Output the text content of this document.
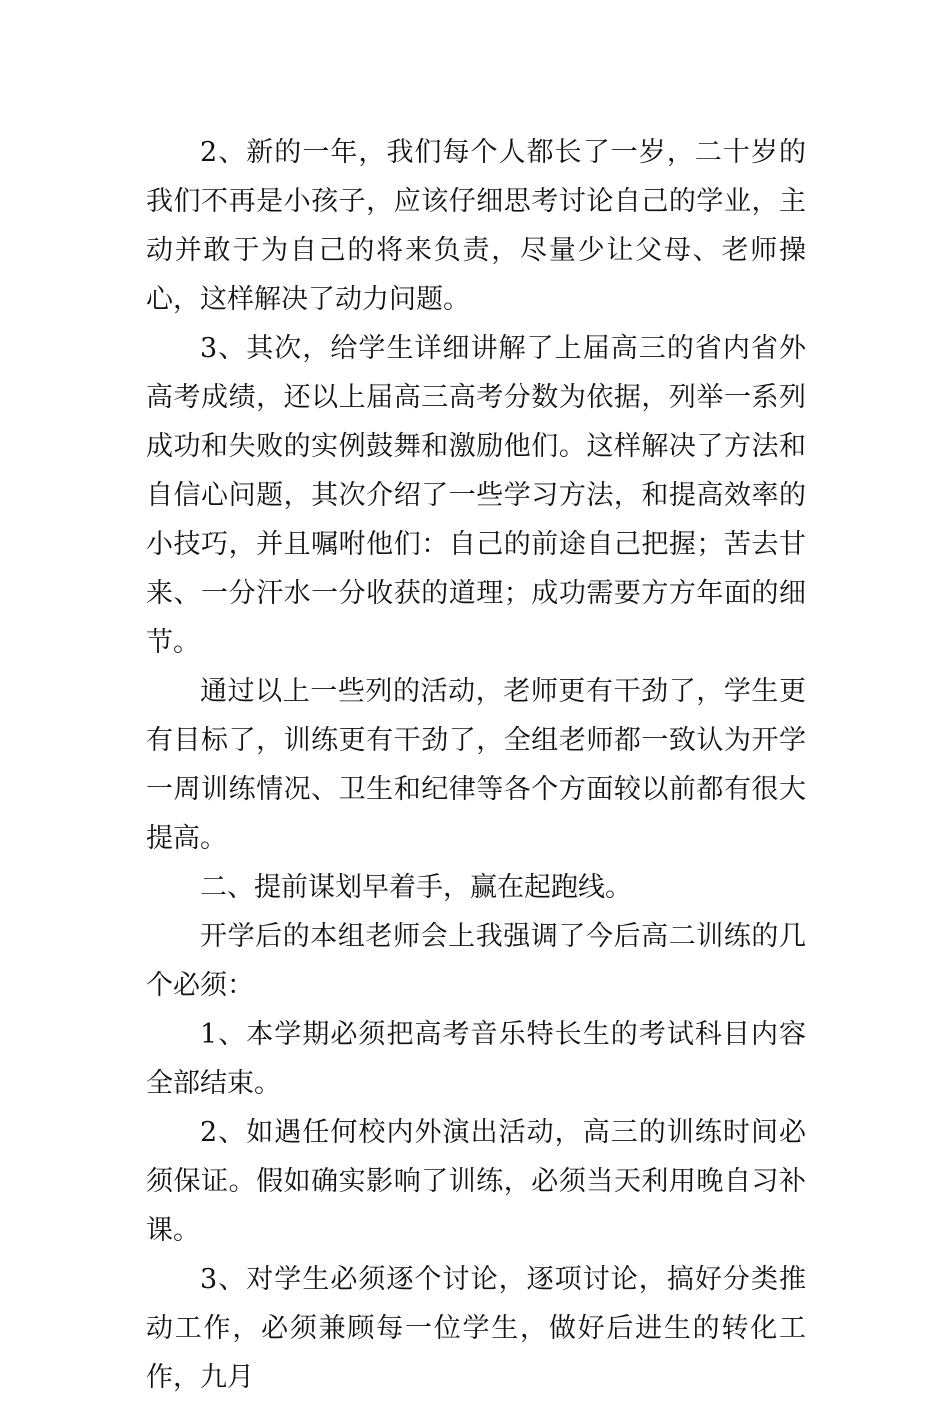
2、新的一年，我们每个人都长了一岁，二十岁的我们不再是小孩子，应该仔细思考讨论自己的学业，主动并敢于为自己的将来负责，尽量少让父母、老师操心，这样解决了动力问题。

3、其次，给学生详细讲解了上届高三的省内省外高考成绩，还以上届高三高考分数为依据，列举一系列成功和失败的实例鼓舞和激励他们。这样解决了方法和自信心问题，其次介绍了一些学习方法，和提高效率的小技巧，并且嘱咐他们：自己的前途自己把握；苦去甘来、一分汗水一分收获的道理；成功需要方方年面的细节。

通过以上一些列的活动，老师更有干劲了，学生更有目标了，训练更有干劲了，全组老师都一致认为开学一周训练情况、卫生和纪律等各个方面较以前都有很大提高。

二、提前谋划早着手，赢在起跑线。

开学后的本组老师会上我强调了今后高二训练的几个必须：

1、本学期必须把高考音乐特长生的考试科目内容全部结束。

2、如遇任何校内外演出活动，高三的训练时间必须保证。假如确实影响了训练，必须当天利用晚自习补课。

3、对学生必须逐个讨论，逐项讨论，搞好分类推动工作，必须兼顾每一位学生，做好后进生的转化工作，九月
